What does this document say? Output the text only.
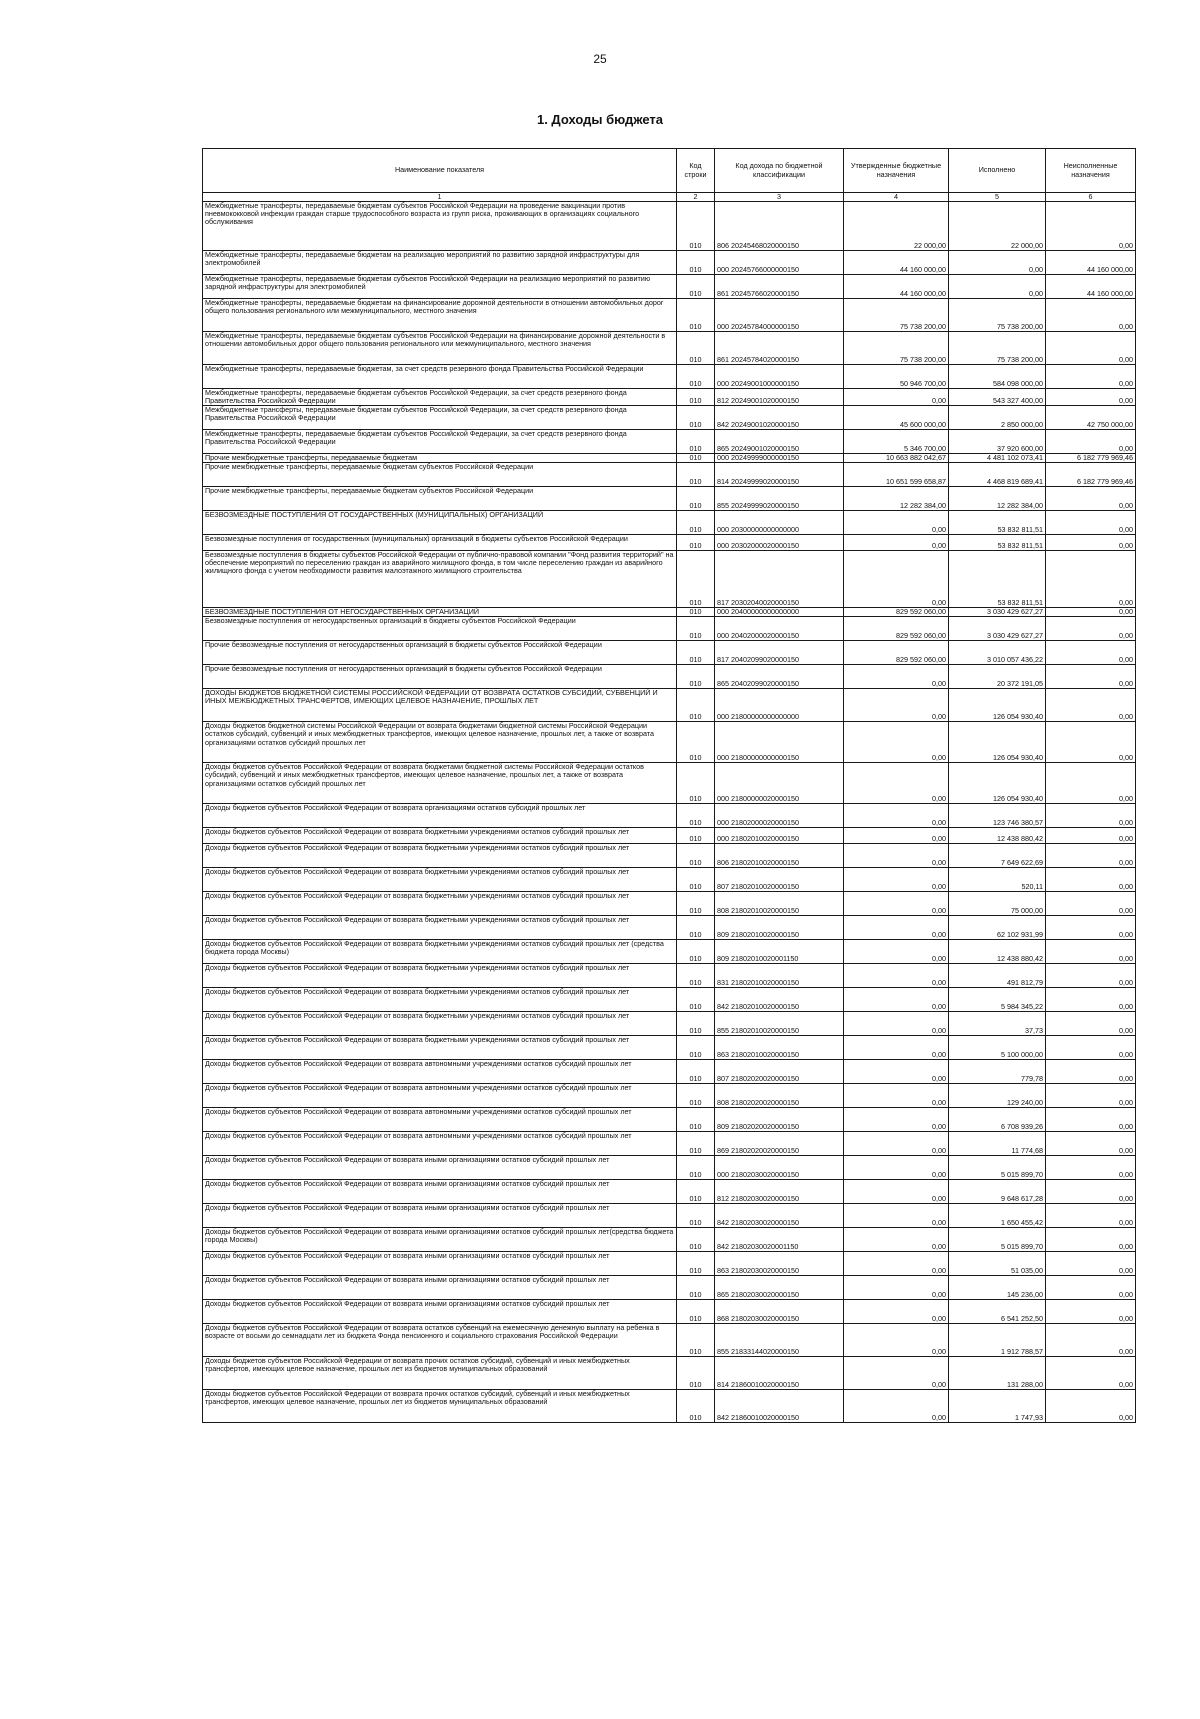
25
1. Доходы бюджета
Наименование показателя	Код строки	Код дохода по бюджетной классификации	Утвержденные бюджетные назначения	Исполнено	Неисполненные назначения
1	2	3	4	5	6
Межбюджетные трансферты, передаваемые бюджетам субъектов Российской Федерации на проведение вакцинации против пневмококковой инфекции граждан старше трудоспособного возраста из групп риска, проживающих в организациях социального обслуживания	010	806 20245468020000150	22 000,00	22 000,00	0,00
Межбюджетные трансферты, передаваемые бюджетам на реализацию мероприятий по развитию зарядной инфраструктуры для электромобилей	010	000 20245766000000150	44 160 000,00	0,00	44 160 000,00
Межбюджетные трансферты, передаваемые бюджетам субъектов Российской Федерации на реализацию мероприятий по развитию зарядной инфраструктуры для электромобилей	010	861 20245766020000150	44 160 000,00	0,00	44 160 000,00
Межбюджетные трансферты, передаваемые бюджетам на финансирование дорожной деятельности в отношении автомобильных дорог общего пользования регионального или межмуниципального, местного значения	010	000 20245784000000150	75 738 200,00	75 738 200,00	0,00
Межбюджетные трансферты, передаваемые бюджетам субъектов Российской Федерации на финансирование дорожной деятельности в отношении автомобильных дорог общего пользования регионального или межмуниципального, местного значения	010	861 20245784020000150	75 738 200,00	75 738 200,00	0,00
Межбюджетные трансферты, передаваемые бюджетам, за счет средств резервного фонда Правительства Российской Федерации	010	000 20249001000000150	50 946 700,00	584 098 000,00	0,00
Межбюджетные трансферты, передаваемые бюджетам субъектов Российской Федерации, за счет средств резервного фонда Правительства Российской Федерации	010	812 20249001020000150	0,00	543 327 400,00	0,00
Межбюджетные трансферты, передаваемые бюджетам субъектов Российской Федерации, за счет средств резервного фонда Правительства Российской Федерации	010	842 20249001020000150	45 600 000,00	2 850 000,00	42 750 000,00
Межбюджетные трансферты, передаваемые бюджетам субъектов Российской Федерации, за счет средств резервного фонда Правительства Российской Федерации	010	865 20249001020000150	5 346 700,00	37 920 600,00	0,00
Прочие межбюджетные трансферты, передаваемые бюджетам	010	000 20249999000000150	10 663 882 042,67	4 481 102 073,41	6 182 779 969,46
Прочие межбюджетные трансферты, передаваемые бюджетам субъектов Российской Федерации	010	814 20249999020000150	10 651 599 658,87	4 468 819 689,41	6 182 779 969,46
Прочие межбюджетные трансферты, передаваемые бюджетам субъектов Российской Федерации	010	855 20249999020000150	12 282 384,00	12 282 384,00	0,00
БЕЗВОЗМЕЗДНЫЕ ПОСТУПЛЕНИЯ ОТ ГОСУДАРСТВЕННЫХ (МУНИЦИПАЛЬНЫХ) ОРГАНИЗАЦИЙ	010	000 20300000000000000	0,00	53 832 811,51	0,00
Безвозмездные поступления от государственных (муниципальных) организаций в бюджеты субъектов Российской Федерации	010	000 20302000020000150	0,00	53 832 811,51	0,00
Безвозмездные поступления в бюджеты субъектов Российской Федерации от публично-правовой компании "Фонд развития территорий" на обеспечение мероприятий по переселению граждан из аварийного жилищного фонда, в том числе переселению граждан из аварийного жилищного фонда с учетом необходимости развития малоэтажного жилищного строительства	010	817 20302040020000150	0,00	53 832 811,51	0,00
БЕЗВОЗМЕЗДНЫЕ ПОСТУПЛЕНИЯ ОТ НЕГОСУДАРСТВЕННЫХ ОРГАНИЗАЦИЙ	010	000 20400000000000000	829 592 060,00	3 030 429 627,27	0,00
Безвозмездные поступления от негосударственных организаций в бюджеты субъектов Российской Федерации	010	000 20402000020000150	829 592 060,00	3 030 429 627,27	0,00
Прочие безвозмездные поступления от негосударственных организаций в бюджеты субъектов Российской Федерации	010	817 20402099020000150	829 592 060,00	3 010 057 436,22	0,00
Прочие безвозмездные поступления от негосударственных организаций в бюджеты субъектов Российской Федерации	010	865 20402099020000150	0,00	20 372 191,05	0,00
ДОХОДЫ БЮДЖЕТОВ БЮДЖЕТНОЙ СИСТЕМЫ РОССИЙСКОЙ ФЕДЕРАЦИИ ОТ ВОЗВРАТА ОСТАТКОВ СУБСИДИЙ, СУБВЕНЦИЙ И ИНЫХ МЕЖБЮДЖЕТНЫХ ТРАНСФЕРТОВ, ИМЕЮЩИХ ЦЕЛЕВОЕ НАЗНАЧЕНИЕ, ПРОШЛЫХ ЛЕТ	010	000 21800000000000000	0,00	126 054 930,40	0,00
Доходы бюджетов бюджетной системы Российской Федерации от возврата бюджетами бюджетной системы Российской Федерации остатков субсидий, субвенций и иных межбюджетных трансфертов, имеющих целевое назначение, прошлых лет, а также от возврата организациями остатков субсидий прошлых лет	010	000 21800000000000150	0,00	126 054 930,40	0,00
Доходы бюджетов субъектов Российской Федерации от возврата бюджетами бюджетной системы Российской Федерации остатков субсидий, субвенций и иных межбюджетных трансфертов, имеющих целевое назначение, прошлых лет, а также от возврата организациями остатков субсидий прошлых лет	010	000 21800000020000150	0,00	126 054 930,40	0,00
Доходы бюджетов субъектов Российской Федерации от возврата организациями остатков субсидий прошлых лет	010	000 21802000020000150	0,00	123 746 380,57	0,00
Доходы бюджетов субъектов Российской Федерации от возврата бюджетными учреждениями остатков субсидий прошлых лет	010	000 21802010020000150	0,00	12 438 880,42	0,00
Доходы бюджетов субъектов Российской Федерации от возврата бюджетными учреждениями остатков субсидий прошлых лет	010	806 21802010020000150	0,00	7 649 622,69	0,00
Доходы бюджетов субъектов Российской Федерации от возврата бюджетными учреждениями остатков субсидий прошлых лет	010	807 21802010020000150	0,00	520,11	0,00
Доходы бюджетов субъектов Российской Федерации от возврата бюджетными учреждениями остатков субсидий прошлых лет	010	808 21802010020000150	0,00	75 000,00	0,00
Доходы бюджетов субъектов Российской Федерации от возврата бюджетными учреждениями остатков субсидий прошлых лет	010	809 21802010020000150	0,00	62 102 931,99	0,00
Доходы бюджетов субъектов Российской Федерации от возврата бюджетными учреждениями остатков субсидий прошлых лет (средства бюджета города Москвы)	010	809 21802010020001150	0,00	12 438 880,42	0,00
Доходы бюджетов субъектов Российской Федерации от возврата бюджетными учреждениями остатков субсидий прошлых лет	010	831 21802010020000150	0,00	491 812,79	0,00
Доходы бюджетов субъектов Российской Федерации от возврата бюджетными учреждениями остатков субсидий прошлых лет	010	842 21802010020000150	0,00	5 984 345,22	0,00
Доходы бюджетов субъектов Российской Федерации от возврата бюджетными учреждениями остатков субсидий прошлых лет	010	855 21802010020000150	0,00	37,73	0,00
Доходы бюджетов субъектов Российской Федерации от возврата бюджетными учреждениями остатков субсидий прошлых лет	010	863 21802010020000150	0,00	5 100 000,00	0,00
Доходы бюджетов субъектов Российской Федерации от возврата автономными учреждениями остатков субсидий прошлых лет	010	807 21802020020000150	0,00	779,78	0,00
Доходы бюджетов субъектов Российской Федерации от возврата автономными учреждениями остатков субсидий прошлых лет	010	808 21802020020000150	0,00	129 240,00	0,00
Доходы бюджетов субъектов Российской Федерации от возврата автономными учреждениями остатков субсидий прошлых лет	010	809 21802020020000150	0,00	6 708 939,26	0,00
Доходы бюджетов субъектов Российской Федерации от возврата автономными учреждениями остатков субсидий прошлых лет	010	869 21802020020000150	0,00	11 774,68	0,00
Доходы бюджетов субъектов Российской Федерации от возврата иными организациями остатков субсидий прошлых лет	010	000 21802030020000150	0,00	5 015 899,70	0,00
Доходы бюджетов субъектов Российской Федерации от возврата иными организациями остатков субсидий прошлых лет	010	812 21802030020000150	0,00	9 648 617,28	0,00
Доходы бюджетов субъектов Российской Федерации от возврата иными организациями остатков субсидий прошлых лет	010	842 21802030020000150	0,00	1 650 455,42	0,00
Доходы бюджетов субъектов Российской Федерации от возврата иными организациями остатков субсидий прошлых лет(средства бюджета города Москвы)	010	842 21802030020001150	0,00	5 015 899,70	0,00
Доходы бюджетов субъектов Российской Федерации от возврата иными организациями остатков субсидий прошлых лет	010	863 21802030020000150	0,00	51 035,00	0,00
Доходы бюджетов субъектов Российской Федерации от возврата иными организациями остатков субсидий прошлых лет	010	865 21802030020000150	0,00	145 236,00	0,00
Доходы бюджетов субъектов Российской Федерации от возврата иными организациями остатков субсидий прошлых лет	010	868 21802030020000150	0,00	6 541 252,50	0,00
Доходы бюджетов субъектов Российской Федерации от возврата остатков субвенций на ежемесячную денежную выплату на ребенка в возрасте от восьми до семнадцати лет из бюджета Фонда пенсионного и социального страхования Российской Федерации	010	855 21833144020000150	0,00	1 912 788,57	0,00
Доходы бюджетов субъектов Российской Федерации от возврата прочих остатков субсидий, субвенций и иных межбюджетных трансфертов, имеющих целевое назначение, прошлых лет из бюджетов муниципальных образований	010	814 21860010020000150	0,00	131 288,00	0,00
Доходы бюджетов субъектов Российской Федерации от возврата прочих остатков субсидий, субвенций и иных межбюджетных трансфертов, имеющих целевое назначение, прошлых лет из бюджетов муниципальных образований	010	842 21860010020000150	0,00	1 747,93	0,00
